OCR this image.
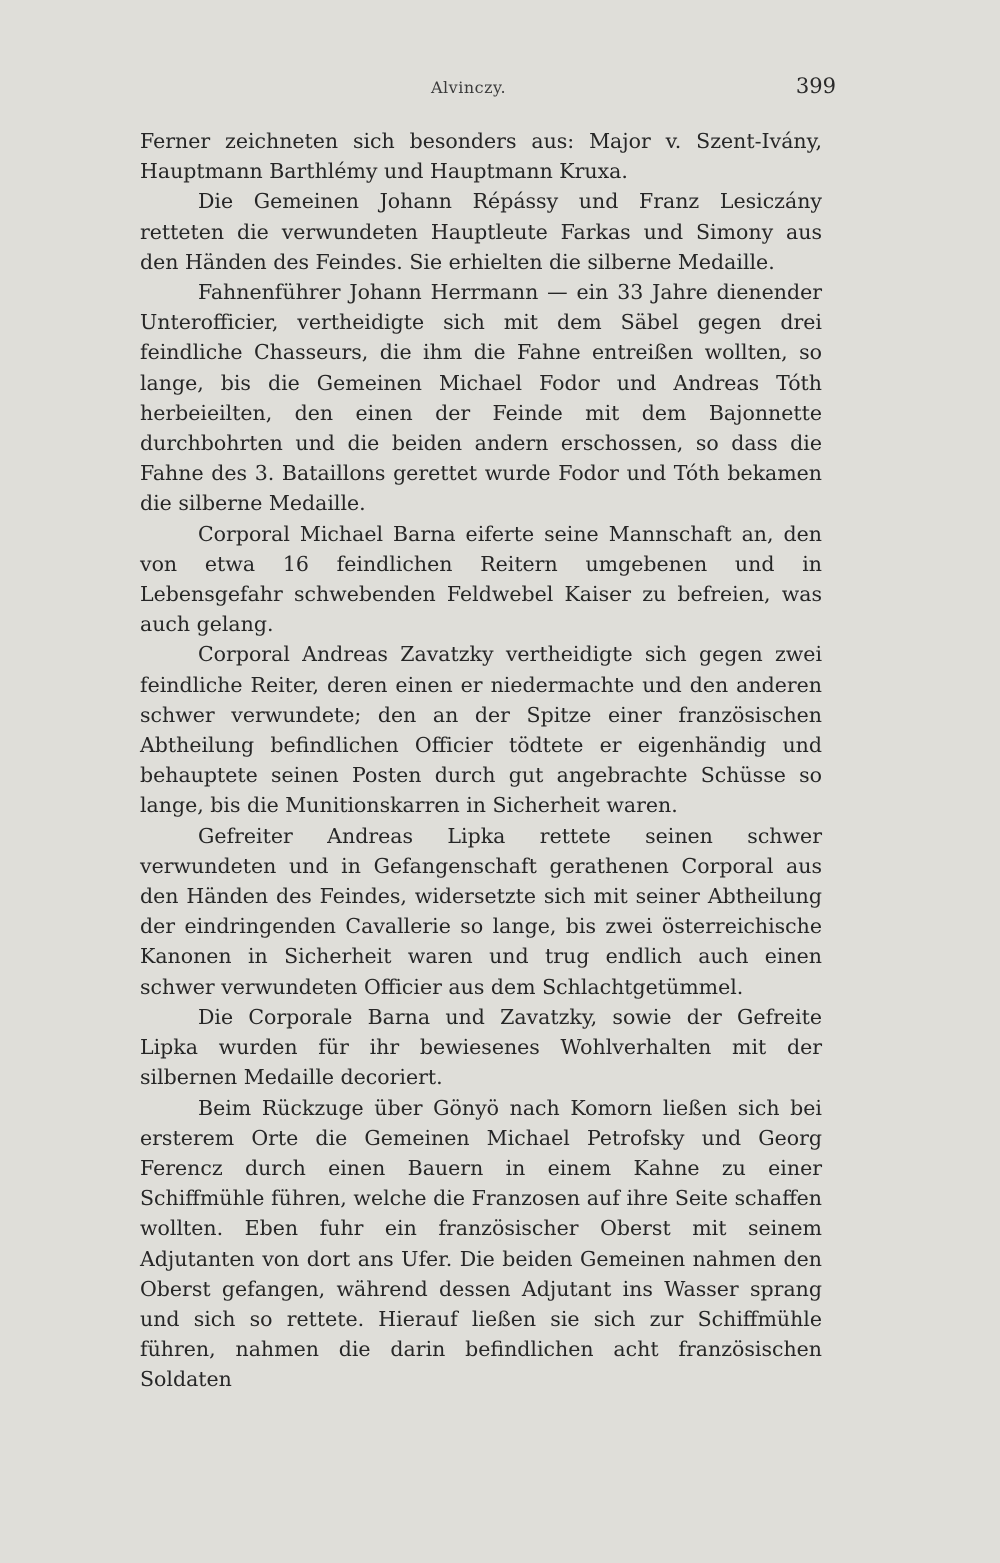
Alvinczy.	399

Ferner zeichneten sich besonders aus: Major v. Szent-Ivány, Hauptmann Barthlémy und Hauptmann Kruxa.

Die Gemeinen Johann Répássy und Franz Lesiczány retteten die verwundeten Hauptleute Farkas und Simony aus den Händen des Feindes. Sie erhielten die silberne Medaille.

Fahnenführer Johann Herrmann — ein 33 Jahre dienender Unterofficier, vertheidigte sich mit dem Säbel gegen drei feindliche Chasseurs, die ihm die Fahne entreißen wollten, so lange, bis die Gemeinen Michael Fodor und Andreas Tóth herbeieilten, den einen der Feinde mit dem Bajonnette durchbohrten und die beiden andern erschossen, so dass die Fahne des 3. Bataillons gerettet wurde Fodor und Tóth bekamen die silberne Medaille.

Corporal Michael Barna eiferte seine Mannschaft an, den von etwa 16 feindlichen Reitern umgebenen und in Lebensgefahr schwebenden Feldwebel Kaiser zu befreien, was auch gelang.

Corporal Andreas Zavatzky vertheidigte sich gegen zwei feindliche Reiter, deren einen er niedermachte und den anderen schwer verwundete; den an der Spitze einer französischen Abtheilung befindlichen Officier tödtete er eigenhändig und behauptete seinen Posten durch gut angebrachte Schüsse so lange, bis die Munitionskarren in Sicherheit waren.

Gefreiter Andreas Lipka rettete seinen schwer verwundeten und in Gefangenschaft gerathenen Corporal aus den Händen des Feindes, widersetzte sich mit seiner Abtheilung der eindringenden Cavallerie so lange, bis zwei österreichische Kanonen in Sicherheit waren und trug endlich auch einen schwer verwundeten Officier aus dem Schlachtgetümmel.

Die Corporale Barna und Zavatzky, sowie der Gefreite Lipka wurden für ihr bewiesenes Wohlverhalten mit der silbernen Medaille decoriert.

Beim Rückzuge über Gönyö nach Komorn ließen sich bei ersterem Orte die Gemeinen Michael Petrofsky und Georg Ferencz durch einen Bauern in einem Kahne zu einer Schiffmühle führen, welche die Franzosen auf ihre Seite schaffen wollten. Eben fuhr ein französischer Oberst mit seinem Adjutanten von dort ans Ufer. Die beiden Gemeinen nahmen den Oberst gefangen, während dessen Adjutant ins Wasser sprang und sich so rettete. Hierauf ließen sie sich zur Schiffmühle führen, nahmen die darin befindlichen acht französischen Soldaten
